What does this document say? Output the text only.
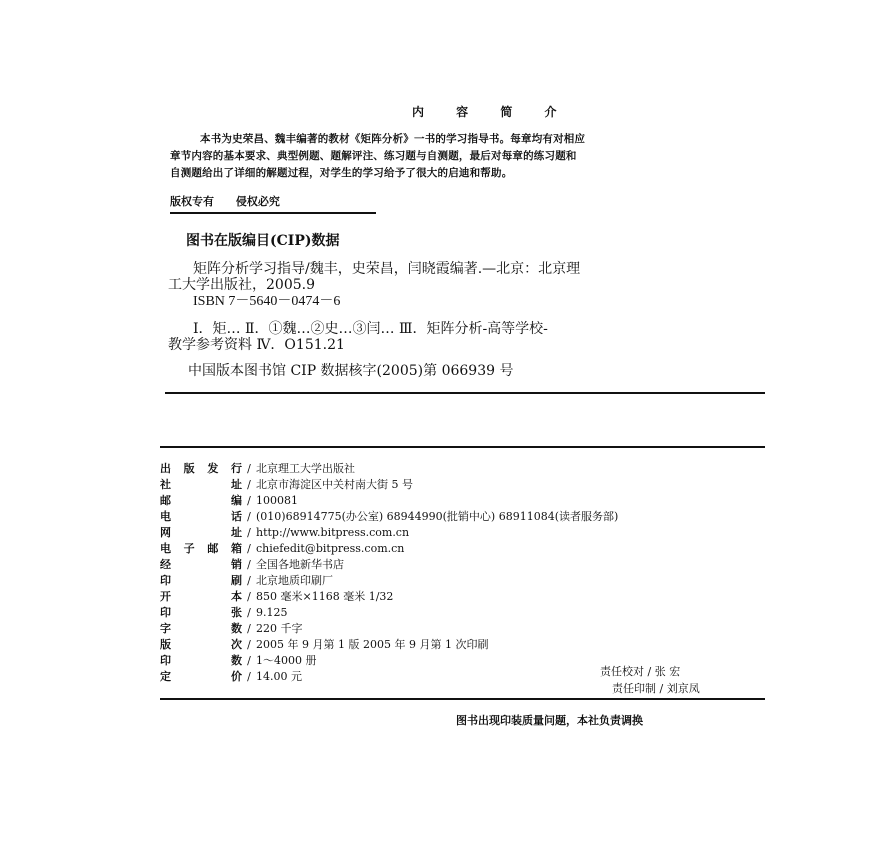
内 容 简 介
本书为史荣昌、魏丰编著的教材《矩阵分析》一书的学习指导书。每章均有对相应
章节内容的基本要求、典型例题、题解评注、练习题与自测题，最后对每章的练习题和
自测题给出了详细的解题过程，对学生的学习给予了很大的启迪和帮助。
版权专有 侵权必究
图书在版编目(CIP)数据
矩阵分析学习指导/魏丰，史荣昌，闫晓霞编著.—北京：北京理
工大学出版社，2005.9
ISBN 7－5640－0474－6
Ⅰ．矩… Ⅱ．①魏…②史…③闫… Ⅲ．矩阵分析-高等学校-
教学参考资料 Ⅳ．O151.21
中国版本图书馆 CIP 数据核字(2005)第 066939 号
出版发行 / 北京理工大学出版社
社址 / 北京市海淀区中关村南大街 5 号
邮编 / 100081
电话 / (010)68914775(办公室) 68944990(批销中心) 68911084(读者服务部)
网址 / http://www.bitpress.com.cn
电子邮箱 / chiefedit@bitpress.com.cn
经销 / 全国各地新华书店
印刷 / 北京地质印刷厂
开本 / 850 毫米×1168 毫米 1/32
印张 / 9.125
字数 / 220 千字
版次 / 2005 年 9 月第 1 版 2005 年 9 月第 1 次印刷
印数 / 1～4000 册
定价 / 14.00 元	责任校对 / 张 宏
责任印制 / 刘京凤
图书出现印装质量问题，本社负责调换
